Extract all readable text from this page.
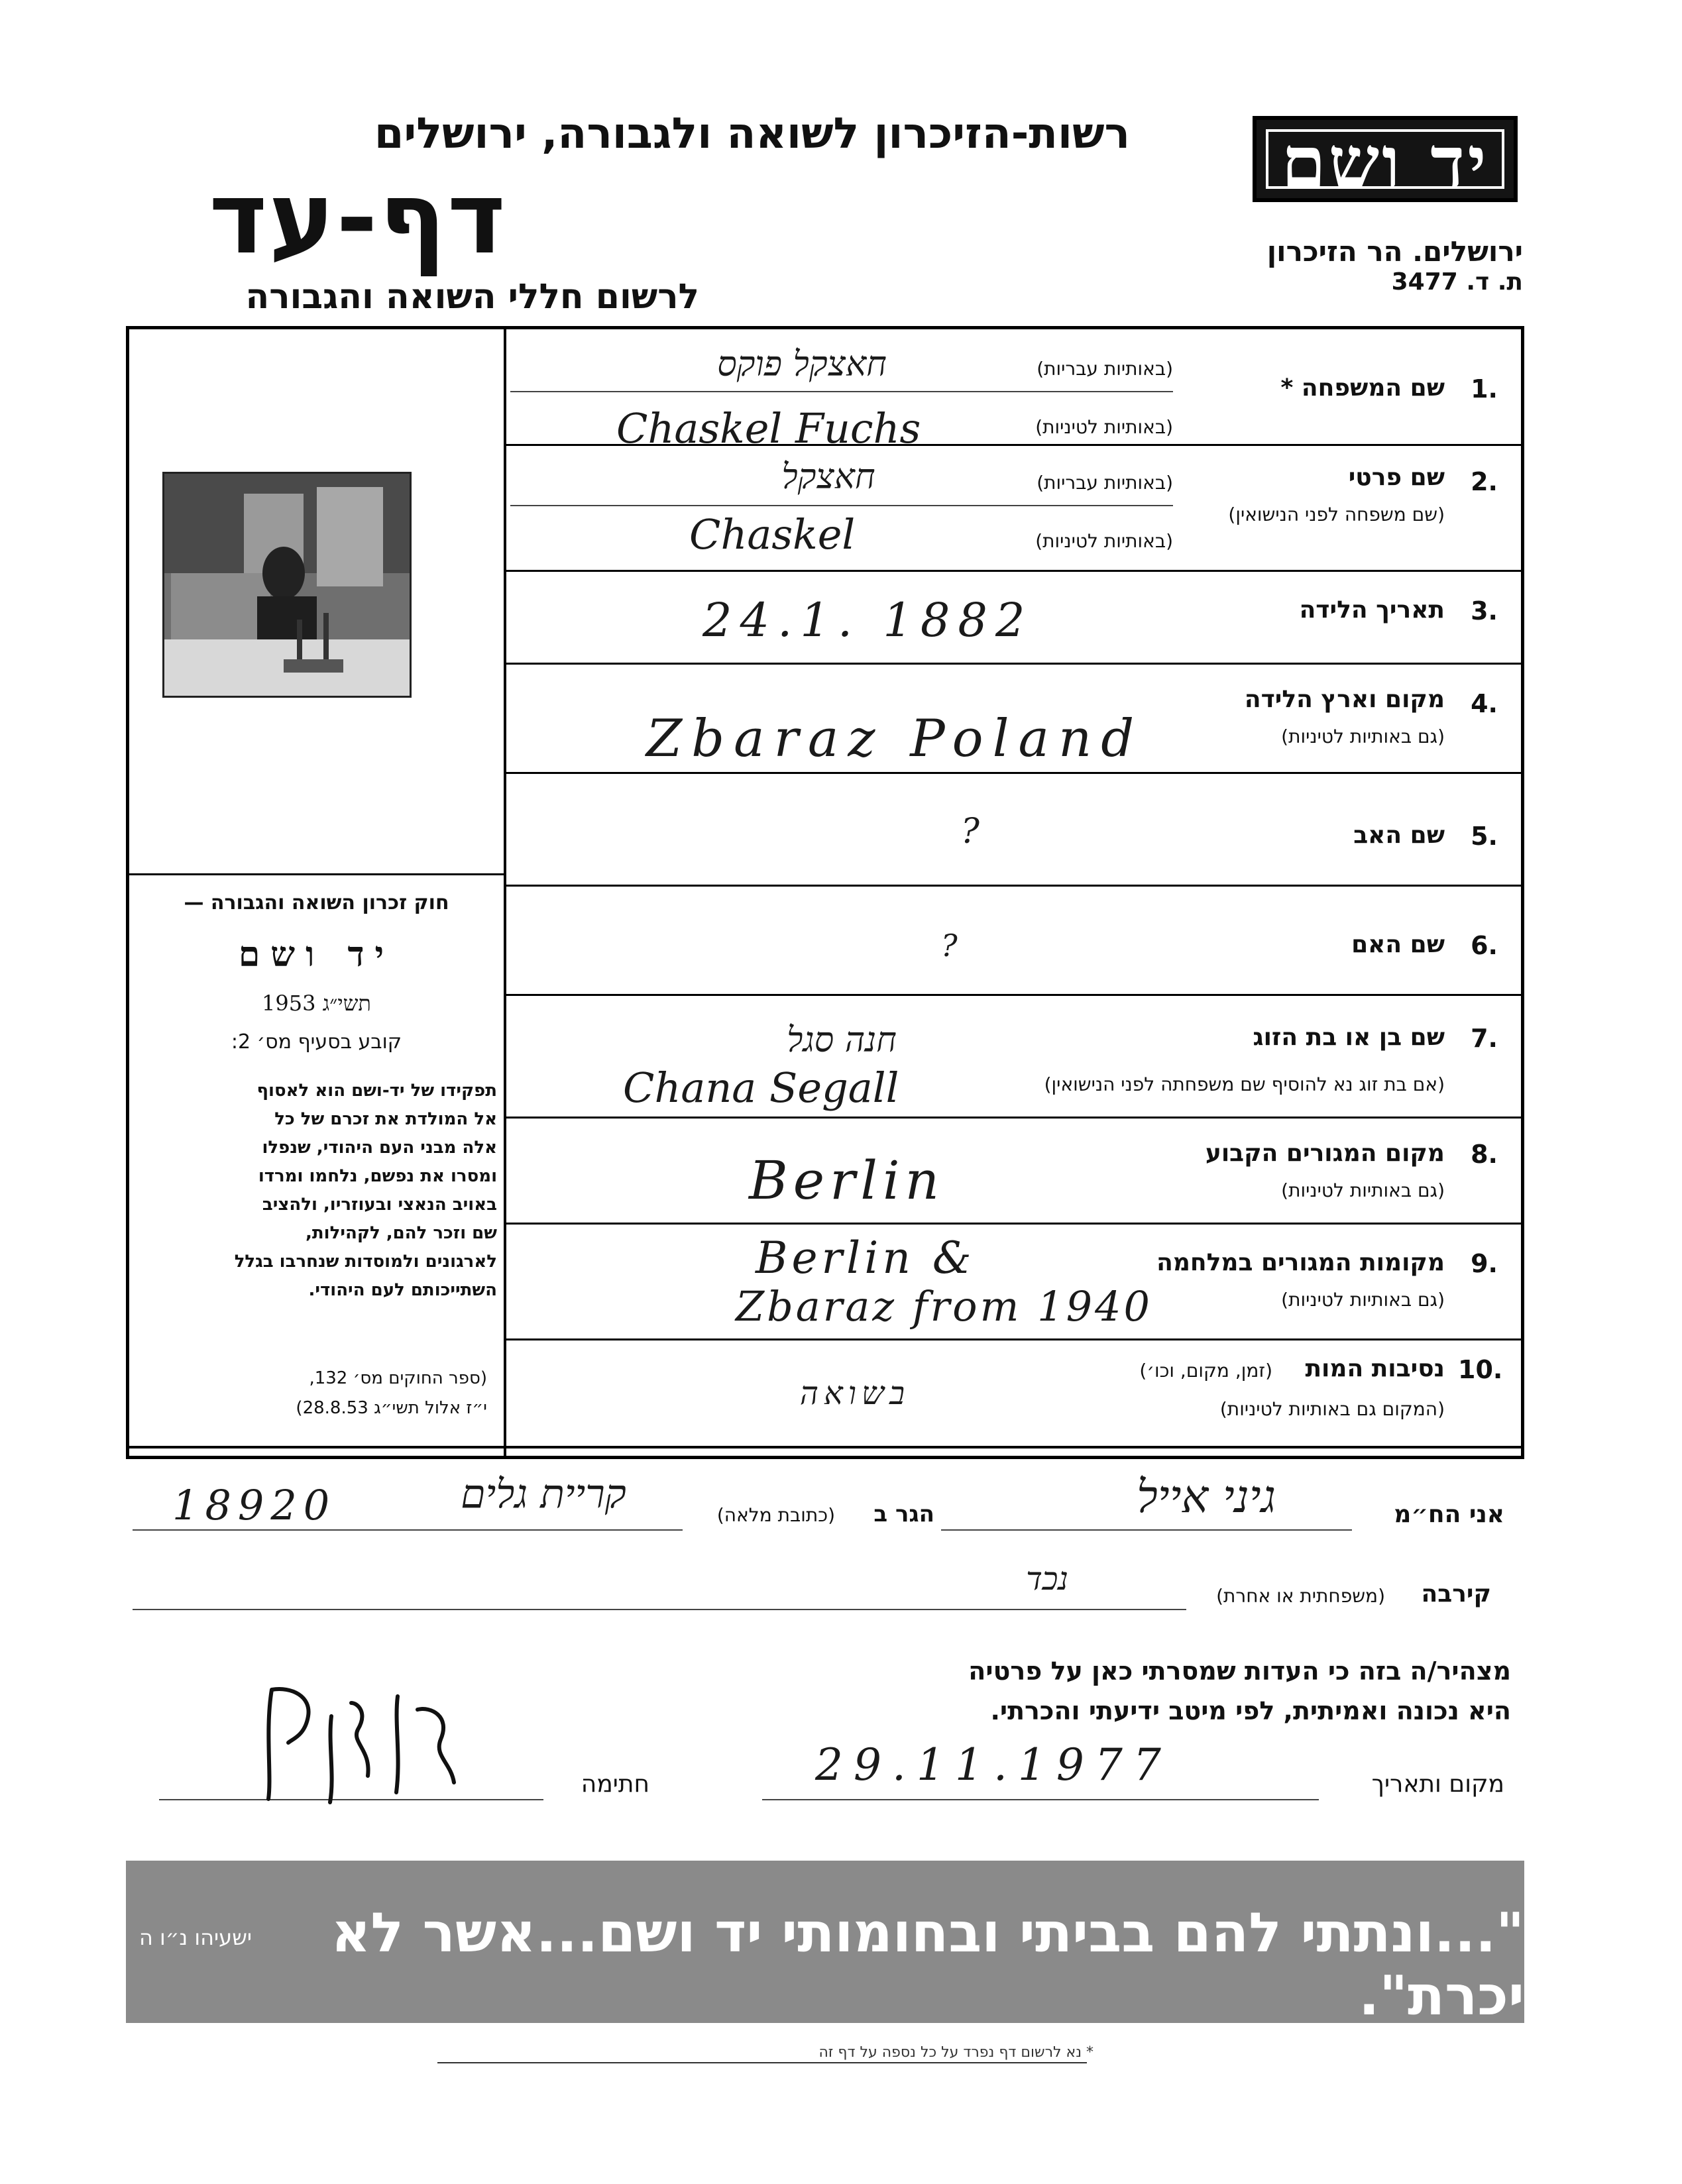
יד ושם
ירושלים. הר הזיכרון
ת. ד. 3477
רשות-הזיכרון לשואה ולגבורה, ירושלים
דף-עד
לרשום חללי השואה והגבורה
חוק זכרון השואה והגבורה —
יד ושם
תשי״ג 1953
קובע בסעיף מס׳ 2:
תפקידו של יד-ושם הוא לאסוף
אל המולדת את זכרם של כל
אלה מבני העם היהודי, שנפלו
ומסרו את נפשם, נלחמו ומרדו
באויב הנאצי ובעוזריו, ולהציב
שם וזכר להם, לקהילות,
לארגונים ולמוסדות שנחרבו בגלל
השתייכותם לעם היהודי.
(ספר החוקים מס׳ 132,
י״ז אלול תשי״ג 28.8.53)
1.
שם המשפחה *
(באותיות עבריות)
(באותיות לטיניות)
חאצקל פוקס
Chaskel Fuchs
2.
שם פרטי
(שם משפחה לפני הנישואין)
(באותיות עבריות)
(באותיות לטיניות)
חאצקל
Chaskel
3.
תאריך הלידה
24.1. 1882
4.
מקום וארץ הלידה
(גם באותיות לטיניות)
Zbaraz Poland
5.
שם האב
?
6.
שם האם
?
7.
שם בן או בת הזוג
(אם בת זוג נא להוסיף שם משפחתה לפני הנישואין)
חנה סגל
Chana Segall
8.
מקום המגורים הקבוע
(גם באותיות לטיניות)
Berlin
9.
מקומות המגורים במלחמה
(גם באותיות לטיניות)
Berlin &
Zbaraz from 1940
10.
נסיבות המות
(זמן, מקום, וכו׳)
(המקום גם באותיות לטיניות)
בשואה
אני הח״מ
גיני אייל
הגר ב
(כתובת מלאה)
קריית גלים
18920
קירבה
(משפחתית או אחרת)
נכד
מצהיר/ה בזה כי העדות שמסרתי כאן על פרטיה
היא נכונה ואמיתית, לפי מיטב ידיעתי והכרתי.
מקום ותאריך
29.11.1977
חתימה
"...ונתתי להם בביתי ובחומותי יד ושם...אשר לא יכרת".
ישעיהו נ״ו ה
* נא לרשום דף נפרד על כל נספה על דף זה
